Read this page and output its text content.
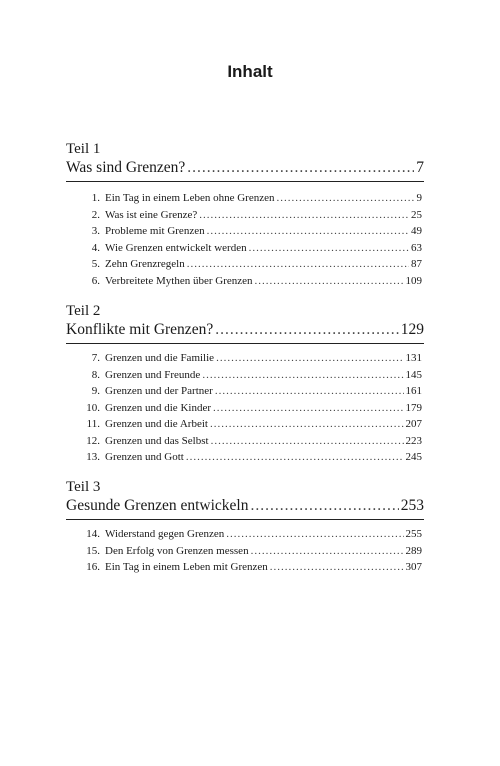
Inhalt
Teil 1
Was sind Grenzen? .....	7
1. Ein Tag in einem Leben ohne Grenzen .....	9
2. Was ist eine Grenze? .....	25
3. Probleme mit Grenzen .....	49
4. Wie Grenzen entwickelt werden .....	63
5. Zehn Grenzregeln .....	87
6. Verbreitete Mythen über Grenzen .....	109
Teil 2
Konflikte mit Grenzen? .....	129
7. Grenzen und die Familie .....	131
8. Grenzen und Freunde .....	145
9. Grenzen und der Partner .....	161
10. Grenzen und die Kinder .....	179
11. Grenzen und die Arbeit .....	207
12. Grenzen und das Selbst .....	223
13. Grenzen und Gott .....	245
Teil 3
Gesunde Grenzen entwickeln .....	253
14. Widerstand gegen Grenzen .....	255
15. Den Erfolg von Grenzen messen .....	289
16. Ein Tag in einem Leben mit Grenzen .....	307
